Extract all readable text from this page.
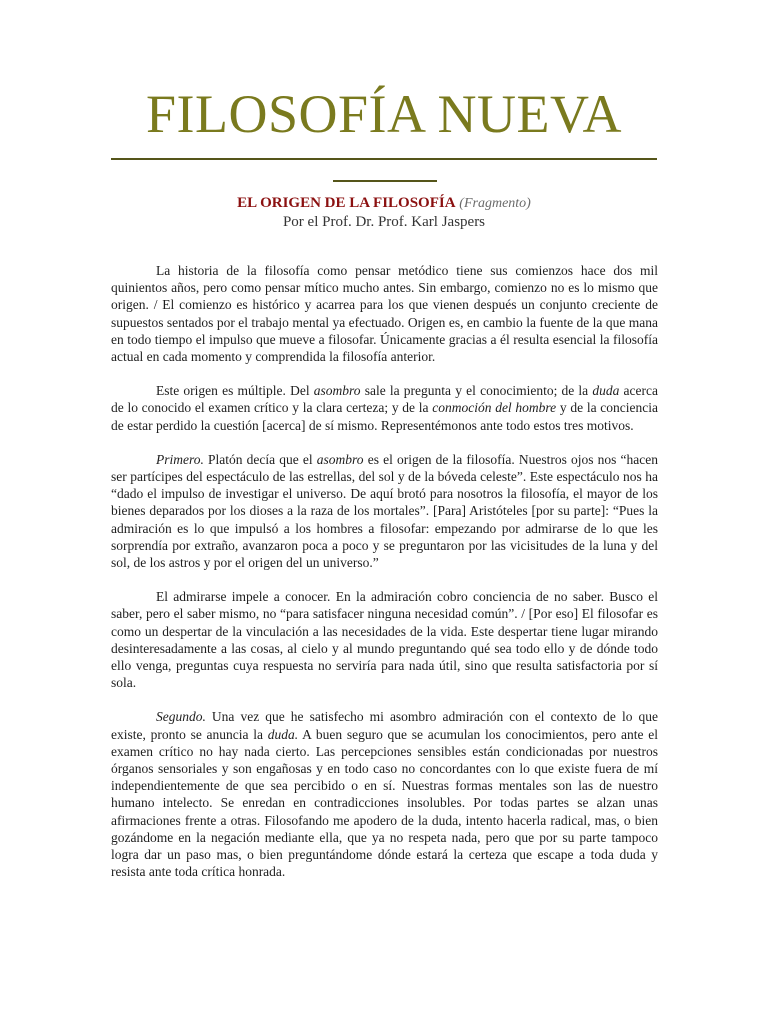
FILOSOFÍA NUEVA

EL ORIGEN DE LA FILOSOFÍA (Fragmento)

Por el Prof. Dr. Prof. Karl Jaspers

La historia de la filosofía como pensar metódico tiene sus comienzos hace dos mil quinientos años, pero como pensar mítico mucho antes. Sin embargo, comienzo no es lo mismo que origen. / El comienzo es histórico y acarrea para los que vienen después un conjunto creciente de supuestos sentados por el trabajo mental ya efectuado. Origen es, en cambio la fuente de la que mana en todo tiempo el impulso que mueve a filosofar. Únicamente gracias a él resulta esencial la filosofía actual en cada momento y comprendida la filosofía anterior.

Este origen es múltiple. Del asombro sale la pregunta y el conocimiento; de la duda acerca de lo conocido el examen crítico y la clara certeza; y de la conmoción del hombre y de la conciencia de estar perdido la cuestión [acerca] de sí mismo. Representémonos ante todo estos tres motivos.

Primero. Platón decía que el asombro es el origen de la filosofía. Nuestros ojos nos “hacen ser partícipes del espectáculo de las estrellas, del sol y de la bóveda celeste”. Este espectáculo nos ha “dado el impulso de investigar el universo. De aquí brotó para nosotros la filosofía, el mayor de los bienes deparados por los dioses a la raza de los mortales”. [Para] Aristóteles [por su parte]: “Pues la admiración es lo que impulsó a los hombres a filosofar: empezando por admirarse de lo que les sorprendía por extraño, avanzaron poca a poco y se preguntaron por las vicisitudes de la luna y del sol, de los astros y por el origen del un universo.”

El admirarse impele a conocer. En la admiración cobro conciencia de no saber. Busco el saber, pero el saber mismo, no “para satisfacer ninguna necesidad común”. / [Por eso] El filosofar es como un despertar de la vinculación a las necesidades de la vida. Este despertar tiene lugar mirando desinteresadamente a las cosas, al cielo y al mundo preguntando qué sea todo ello y de dónde todo ello venga, preguntas cuya respuesta no serviría para nada útil, sino que resulta satisfactoria por sí sola.

Segundo. Una vez que he satisfecho mi asombro admiración con el contexto de lo que existe, pronto se anuncia la duda. A buen seguro que se acumulan los conocimientos, pero ante el examen crítico no hay nada cierto. Las percepciones sensibles están condicionadas por nuestros órganos sensoriales y son engañosas y en todo caso no concordantes con lo que existe fuera de mí independientemente de que sea percibido o en sí. Nuestras formas mentales son las de nuestro humano intelecto. Se enredan en contradicciones insolubles. Por todas partes se alzan unas afirmaciones frente a otras. Filosofando me apodero de la duda, intento hacerla radical, mas, o bien gozándome en la negación mediante ella, que ya no respeta nada, pero que por su parte tampoco logra dar un paso mas, o bien preguntándome dónde estará la certeza que escape a toda duda y resista ante toda crítica honrada.
